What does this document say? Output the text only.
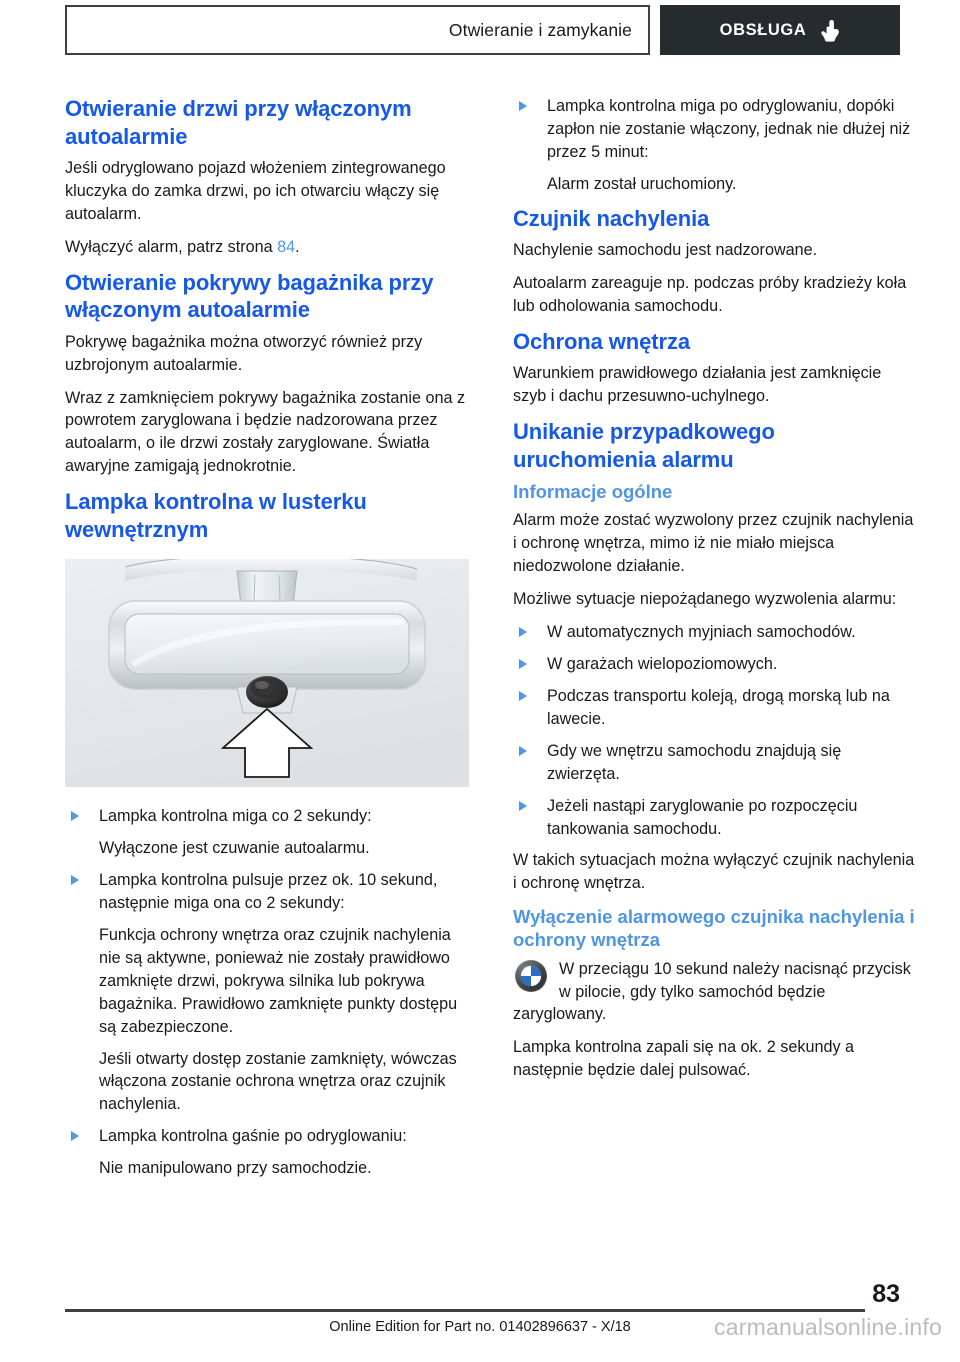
Otwieranie i zamykanie	OBSŁUGA
Otwieranie drzwi przy włączonym autoalarmie

Jeśli odryglowano pojazd włożeniem zintegrowanego kluczyka do zamka drzwi, po ich otwarciu włączy się autoalarm.

Wyłączyć alarm, patrz strona 84.

Otwieranie pokrywy bagażnika przy włączonym autoalarmie

Pokrywę bagażnika można otworzyć również przy uzbrojonym autoalarmie.

Wraz z zamknięciem pokrywy bagażnika zostanie ona z powrotem zaryglowana i będzie nadzorowana przez autoalarm, o ile drzwi zostały zaryglowane. Światła awaryjne zamigają jednokrotnie.

Lampka kontrolna w lusterku wewnętrznym
Lampka kontrolna miga co 2 sekundy:
Wyłączone jest czuwanie autoalarmu.
Lampka kontrolna pulsuje przez ok. 10 sekund, następnie miga ona co 2 sekundy:
Funkcja ochrony wnętrza oraz czujnik nachylenia nie są aktywne, ponieważ nie zostały prawidłowo zamknięte drzwi, pokrywa silnika lub pokrywa bagażnika. Prawidłowo zamknięte punkty dostępu są zabezpieczone.
Jeśli otwarty dostęp zostanie zamknięty, wówczas włączona zostanie ochrona wnętrza oraz czujnik nachylenia.
Lampka kontrolna gaśnie po odryglowaniu:
Nie manipulowano przy samochodzie.
Lampka kontrolna miga po odryglowaniu, dopóki zapłon nie zostanie włączony, jednak nie dłużej niż przez 5 minut:
Alarm został uruchomiony.
Czujnik nachylenia

Nachylenie samochodu jest nadzorowane.

Autoalarm zareaguje np. podczas próby kradzieży koła lub odholowania samochodu.

Ochrona wnętrza

Warunkiem prawidłowego działania jest zamknięcie szyb i dachu przesuwno-uchylnego.

Unikanie przypadkowego uruchomienia alarmu
Informacje ogólne

Alarm może zostać wyzwolony przez czujnik nachylenia i ochronę wnętrza, mimo iż nie miało miejsca niedozwolone działanie.

Możliwe sytuacje niepożądanego wyzwolenia alarmu:

W automatycznych myjniach samochodów.
W garażach wielopoziomowych.
Podczas transportu koleją, drogą morską lub na lawecie.
Gdy we wnętrzu samochodu znajdują się zwierzęta.
Jeżeli nastąpi zaryglowanie po rozpoczęciu tankowania samochodu.

W takich sytuacjach można wyłączyć czujnik nachylenia i ochronę wnętrza.

Wyłączenie alarmowego czujnika nachylenia i ochrony wnętrza
W przeciągu 10 sekund należy nacisnąć przycisk w pilocie, gdy tylko samochód będzie zaryglowany.

Lampka kontrolna zapali się na ok. 2 sekundy a następnie będzie dalej pulsować.

83
Online Edition for Part no. 01402896637 - X/18	carmanualsonline.info
